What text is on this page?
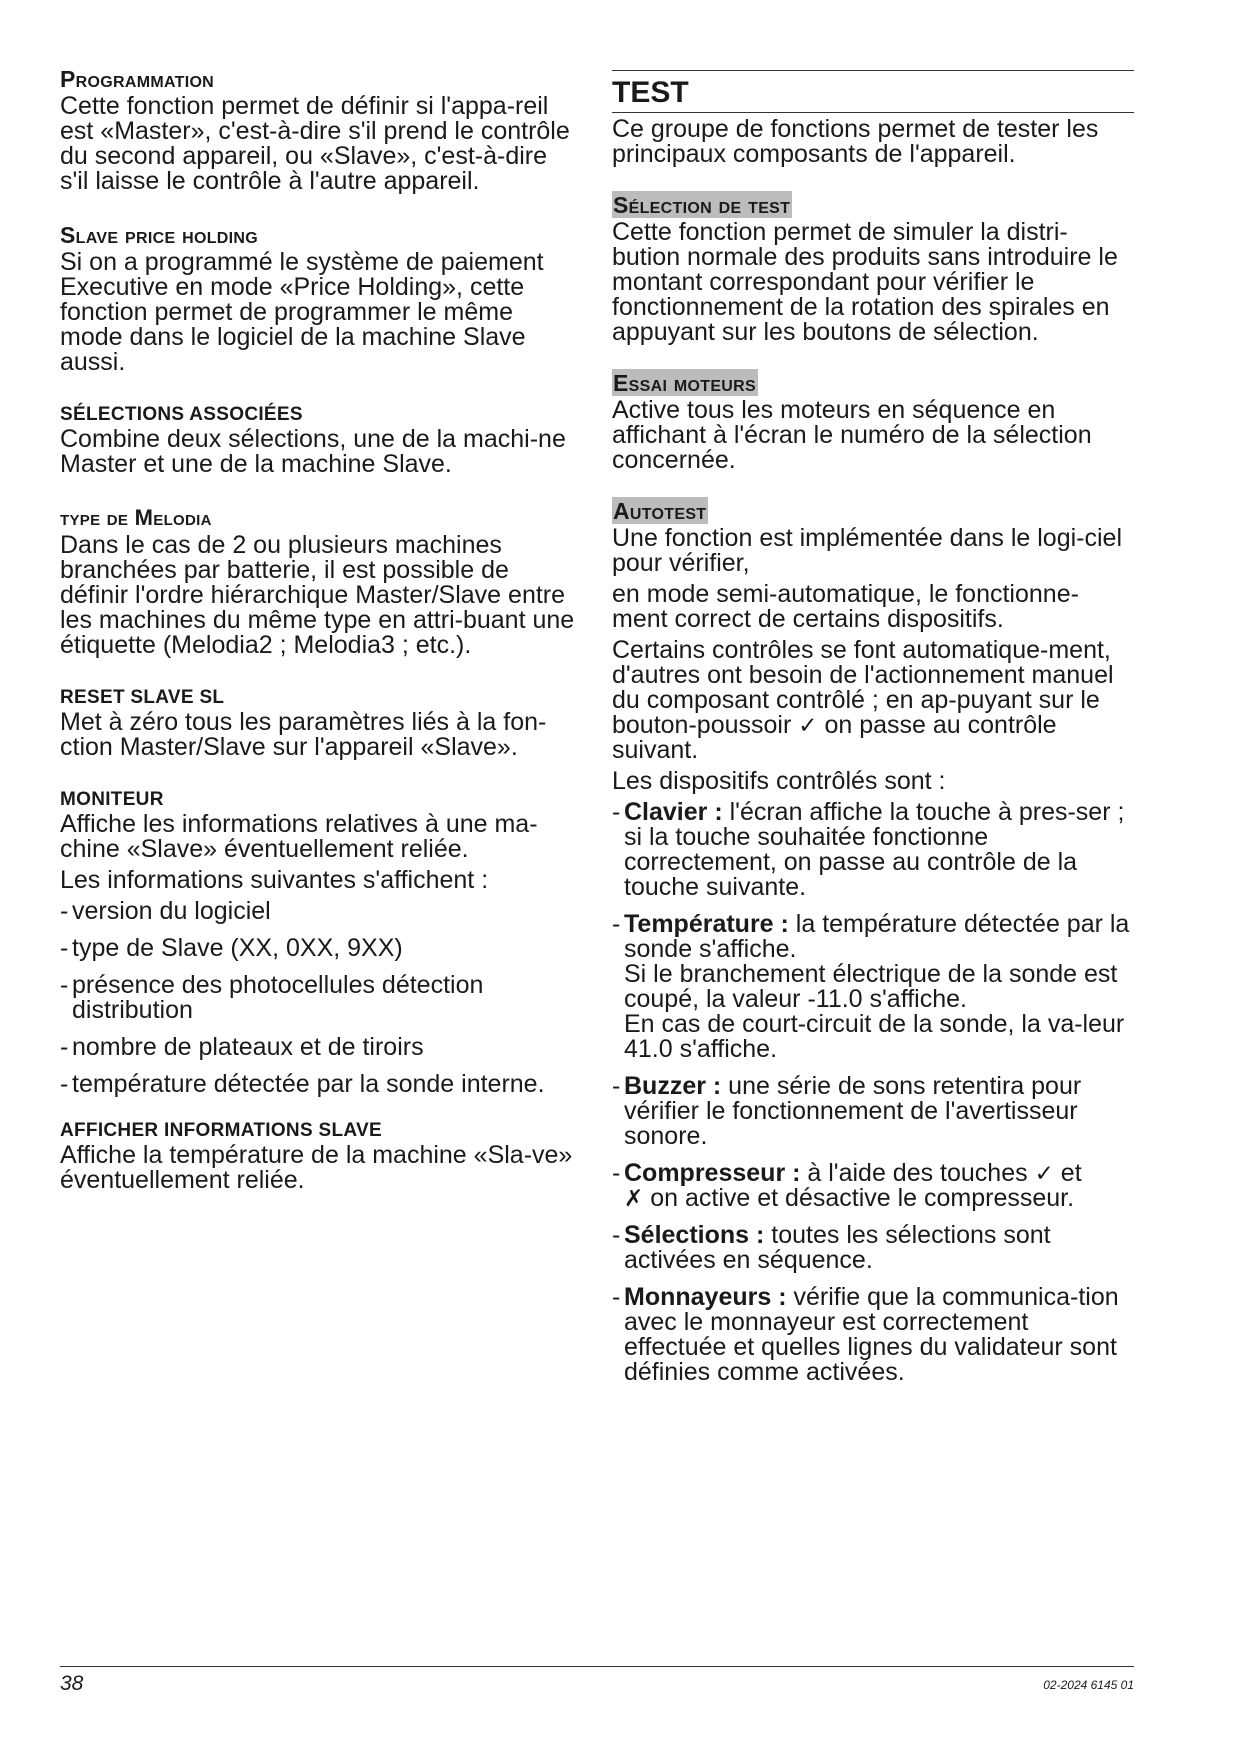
Programmation

Cette fonction permet de définir si l'appa-reil est «Master», c'est-à-dire s'il prend le contrôle du second appareil, ou «Slave», c'est-à-dire s'il laisse le contrôle à l'autre appareil.

Slave price holding

Si on a programmé le système de paiement Executive en mode «Price Holding», cette fonction permet de programmer le même mode dans le logiciel de la machine Slave aussi.

SÉLECTIONS ASSOCIÉES

Combine deux sélections, une de la machi-ne Master et une de la machine Slave.

type de Melodia

Dans le cas de 2 ou plusieurs machines branchées par batterie, il est possible de définir l'ordre hiérarchique Master/Slave entre les machines du même type en attri-buant une étiquette (Melodia2 ; Melodia3 ; etc.).

RESET SLAVE SL

Met à zéro tous les paramètres liés à la fon-ction Master/Slave sur l'appareil «Slave».

MONITEUR

Affiche les informations relatives à une ma-chine «Slave» éventuellement reliée.

Les informations suivantes s'affichent :

- version du logiciel
- type de Slave (XX, 0XX, 9XX)
- présence des photocellules détection distribution
- nombre de plateaux et de tiroirs
- température détectée par la sonde interne.
AFFICHER INFORMATIONS SLAVE

Affiche la température de la machine «Sla-ve» éventuellement reliée.

TEST

Ce groupe de fonctions permet de tester les principaux composants de l'appareil.

Sélection de test

Cette fonction permet de simuler la distri-bution normale des produits sans introduire le montant correspondant pour vérifier le fonctionnement de la rotation des spirales en appuyant sur les boutons de sélection.

Essai moteurs

Active tous les moteurs en séquence en affichant à l'écran le numéro de la sélection concernée.

Autotest

Une fonction est implémentée dans le logi-ciel pour vérifier,

en mode semi-automatique, le fonctionne-ment correct de certains dispositifs.

Certains contrôles se font automatique-ment, d'autres ont besoin de l'actionnement manuel du composant contrôlé ; en ap-puyant sur le bouton-poussoir ✓ on passe au contrôle suivant.

Les dispositifs contrôlés sont :

- Clavier : l'écran affiche la touche à pres-ser ; si la touche souhaitée fonctionne correctement, on passe au contrôle de la touche suivante.
- Température : la température détectée par la sonde s'affiche.
Si le branchement électrique de la sonde est coupé, la valeur -11.0 s'affiche.
En cas de court-circuit de la sonde, la va-leur 41.0 s'affiche.
- Buzzer : une série de sons retentira pour vérifier le fonctionnement de l'avertisseur sonore.
- Compresseur : à l'aide des touches ✓ et
✗ on active et désactive le compresseur.
- Sélections : toutes les sélections sont activées en séquence.
- Monnayeurs : vérifie que la communica-tion avec le monnayeur est correctement effectuée et quelles lignes du validateur sont définies comme activées.
38	02-2024 6145 01
